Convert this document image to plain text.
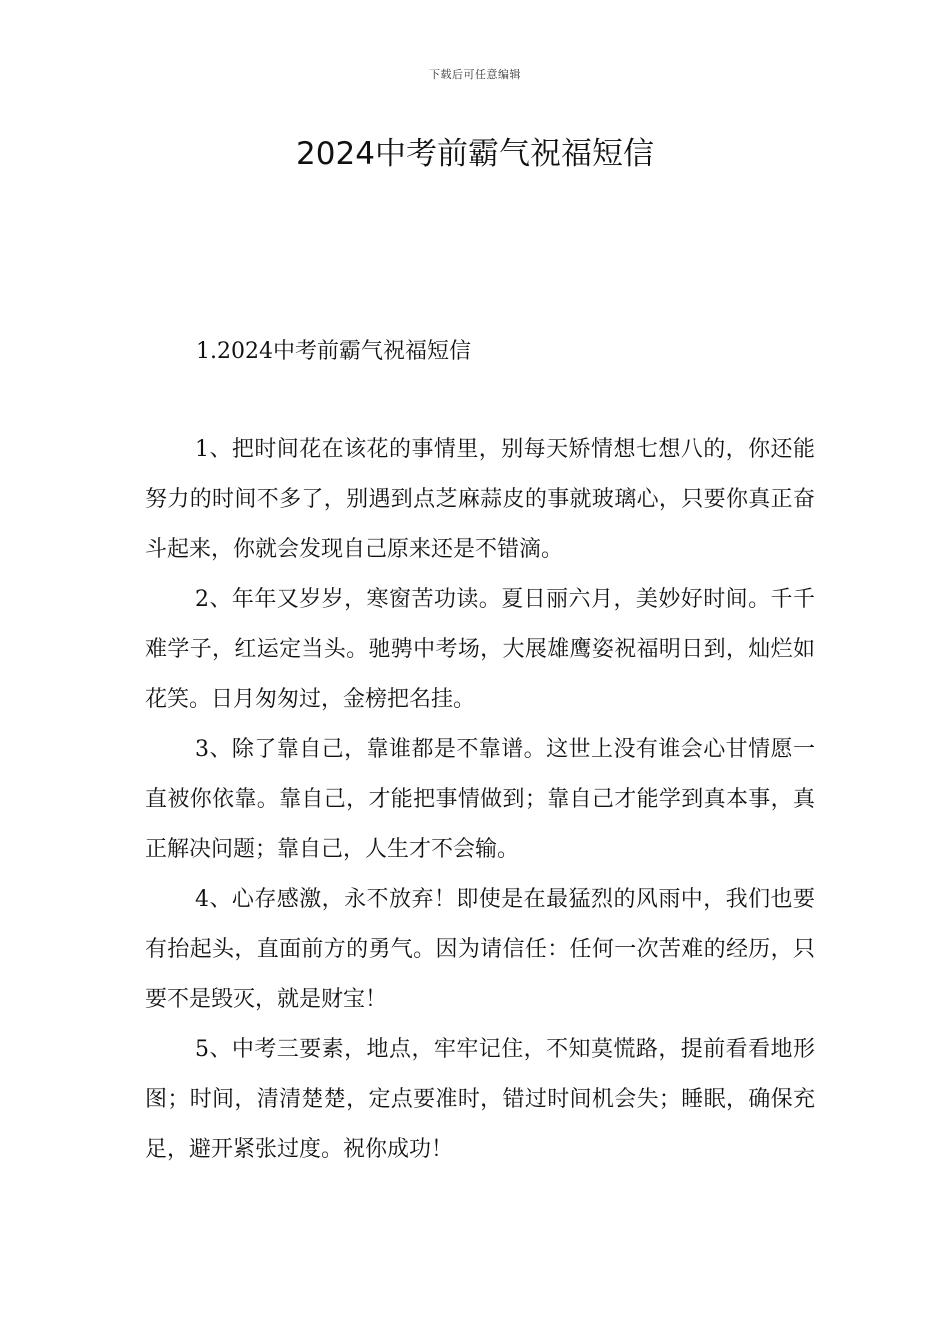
下载后可任意编辑
2024中考前霸气祝福短信
1.2024中考前霸气祝福短信

1、把时间花在该花的事情里，别每天矫情想七想八的，你还能努力的时间不多了，别遇到点芝麻蒜皮的事就玻璃心，只要你真正奋斗起来，你就会发现自己原来还是不错滴。

2、年年又岁岁，寒窗苦功读。夏日丽六月，美妙好时间。千千难学子，红运定当头。驰骋中考场，大展雄鹰姿祝福明日到，灿烂如花笑。日月匆匆过，金榜把名挂。

3、除了靠自己，靠谁都是不靠谱。这世上没有谁会心甘情愿一直被你依靠。靠自己，才能把事情做到；靠自己才能学到真本事，真正解决问题；靠自己，人生才不会输。

4、心存感激，永不放弃！即使是在最猛烈的风雨中，我们也要有抬起头，直面前方的勇气。因为请信任：任何一次苦难的经历，只要不是毁灭，就是财宝！

5、中考三要素，地点，牢牢记住，不知莫慌路，提前看看地形图；时间，清清楚楚，定点要准时，错过时间机会失；睡眠，确保充足，避开紧张过度。祝你成功！
